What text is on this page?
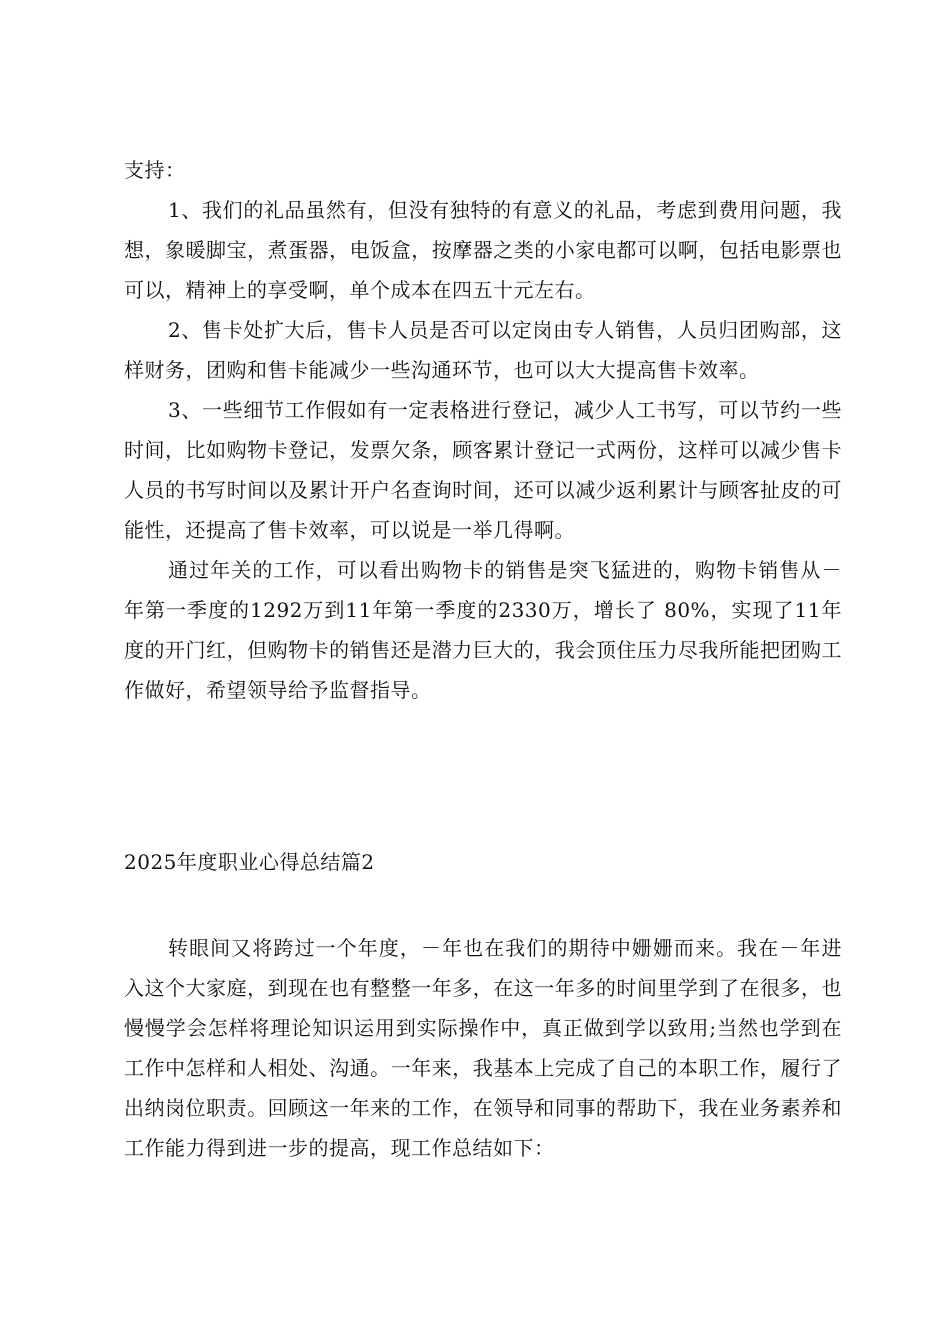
支持：

1、我们的礼品虽然有，但没有独特的有意义的礼品，考虑到费用问题，我想，象暖脚宝，煮蛋器，电饭盒，按摩器之类的小家电都可以啊，包括电影票也可以，精神上的享受啊，单个成本在四五十元左右。

2、售卡处扩大后，售卡人员是否可以定岗由专人销售，人员归团购部，这样财务，团购和售卡能减少一些沟通环节，也可以大大提高售卡效率。

3、一些细节工作假如有一定表格进行登记，减少人工书写，可以节约一些时间，比如购物卡登记，发票欠条，顾客累计登记一式两份，这样可以减少售卡人员的书写时间以及累计开户名查询时间，还可以减少返利累计与顾客扯皮的可能性，还提高了售卡效率，可以说是一举几得啊。

通过年关的工作，可以看出购物卡的销售是突飞猛进的，购物卡销售从－年第一季度的1292万到11年第一季度的2330万，增长了 80%，实现了11年度的开门红，但购物卡的销售还是潜力巨大的，我会顶住压力尽我所能把团购工作做好，希望领导给予监督指导。

2025年度职业心得总结篇2

转眼间又将跨过一个年度，－年也在我们的期待中姗姗而来。我在－年进入这个大家庭，到现在也有整整一年多，在这一年多的时间里学到了在很多，也慢慢学会怎样将理论知识运用到实际操作中，真正做到学以致用;当然也学到在工作中怎样和人相处、沟通。一年来，我基本上完成了自己的本职工作，履行了出纳岗位职责。回顾这一年来的工作，在领导和同事的帮助下，我在业务素养和工作能力得到进一步的提高，现工作总结如下：
